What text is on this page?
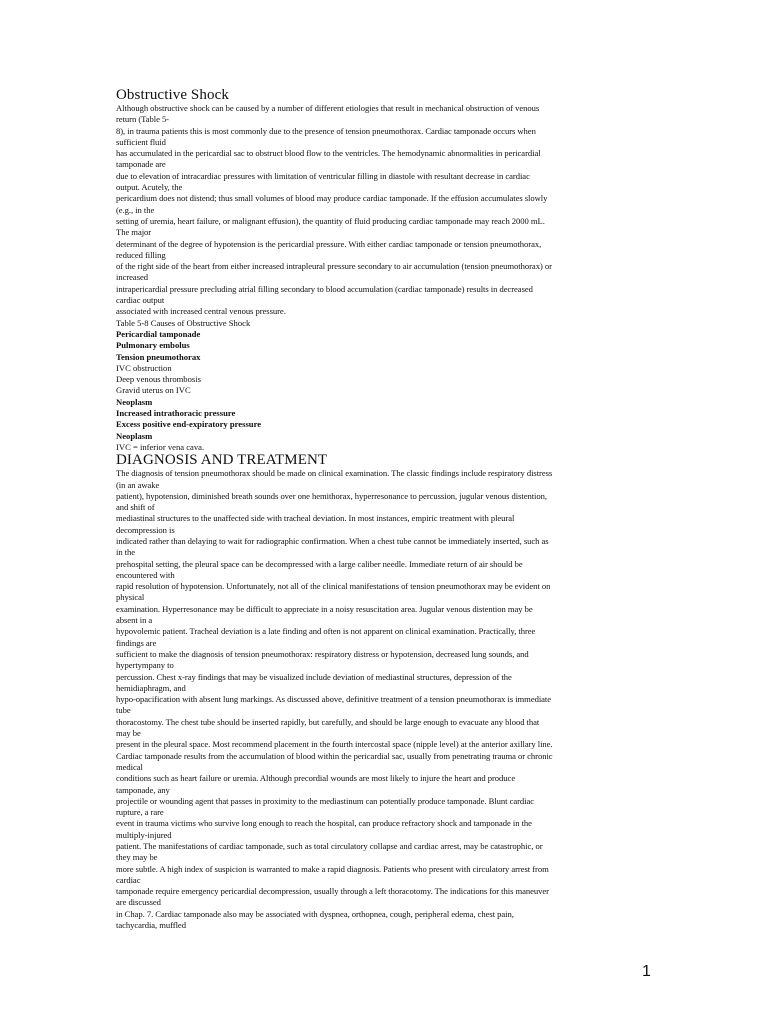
Obstructive Shock
Although obstructive shock can be caused by a number of different etiologies that result in mechanical obstruction of venous
return (Table 5-
8), in trauma patients this is most commonly due to the presence of tension pneumothorax. Cardiac tamponade occurs when
sufficient fluid
has accumulated in the pericardial sac to obstruct blood flow to the ventricles. The hemodynamic abnormalities in pericardial
tamponade are
due to elevation of intracardiac pressures with limitation of ventricular filling in diastole with resultant decrease in cardiac
output. Acutely, the
pericardium does not distend; thus small volumes of blood may produce cardiac tamponade. If the effusion accumulates slowly
(e.g., in the
setting of uremia, heart failure, or malignant effusion), the quantity of fluid producing cardiac tamponade may reach 2000 mL.
The major
determinant of the degree of hypotension is the pericardial pressure. With either cardiac tamponade or tension pneumothorax,
reduced filling
of the right side of the heart from either increased intrapleural pressure secondary to air accumulation (tension pneumothorax) or
increased
intrapericardial pressure precluding atrial filling secondary to blood accumulation (cardiac tamponade) results in decreased
cardiac output
associated with increased central venous pressure.
Table 5-8 Causes of Obstructive Shock
Pericardial tamponade
Pulmonary embolus
Tension pneumothorax
IVC obstruction
Deep venous thrombosis
Gravid uterus on IVC
Neoplasm
Increased intrathoracic pressure
Excess positive end-expiratory pressure
Neoplasm
IVC = inferior vena cava.
DIAGNOSIS AND TREATMENT
The diagnosis of tension pneumothorax should be made on clinical examination. The classic findings include respiratory distress
(in an awake
patient), hypotension, diminished breath sounds over one hemithorax, hyperresonance to percussion, jugular venous distention,
and shift of
mediastinal structures to the unaffected side with tracheal deviation. In most instances, empiric treatment with pleural
decompression is
indicated rather than delaying to wait for radiographic confirmation. When a chest tube cannot be immediately inserted, such as
in the
prehospital setting, the pleural space can be decompressed with a large caliber needle. Immediate return of air should be
encountered with
rapid resolution of hypotension. Unfortunately, not all of the clinical manifestations of tension pneumothorax may be evident on
physical
examination. Hyperresonance may be difficult to appreciate in a noisy resuscitation area. Jugular venous distention may be
absent in a
hypovolemic patient. Tracheal deviation is a late finding and often is not apparent on clinical examination. Practically, three
findings are
sufficient to make the diagnosis of tension pneumothorax: respiratory distress or hypotension, decreased lung sounds, and
hypertympany to
percussion. Chest x-ray findings that may be visualized include deviation of mediastinal structures, depression of the
hemidiaphragm, and
hypo-opacification with absent lung markings. As discussed above, definitive treatment of a tension pneumothorax is immediate
tube
thoracostomy. The chest tube should be inserted rapidly, but carefully, and should be large enough to evacuate any blood that
may be
present in the pleural space. Most recommend placement in the fourth intercostal space (nipple level) at the anterior axillary line.
Cardiac tamponade results from the accumulation of blood within the pericardial sac, usually from penetrating trauma or chronic
medical
conditions such as heart failure or uremia. Although precordial wounds are most likely to injure the heart and produce
tamponade, any
projectile or wounding agent that passes in proximity to the mediastinum can potentially produce tamponade. Blunt cardiac
rupture, a rare
event in trauma victims who survive long enough to reach the hospital, can produce refractory shock and tamponade in the
multiply-injured
patient. The manifestations of cardiac tamponade, such as total circulatory collapse and cardiac arrest, may be catastrophic, or
they may be
more subtle. A high index of suspicion is warranted to make a rapid diagnosis. Patients who present with circulatory arrest from
cardiac
tamponade require emergency pericardial decompression, usually through a left thoracotomy. The indications for this maneuver
are discussed
in Chap. 7. Cardiac tamponade also may be associated with dyspnea, orthopnea, cough, peripheral edema, chest pain,
tachycardia, muffled
1
